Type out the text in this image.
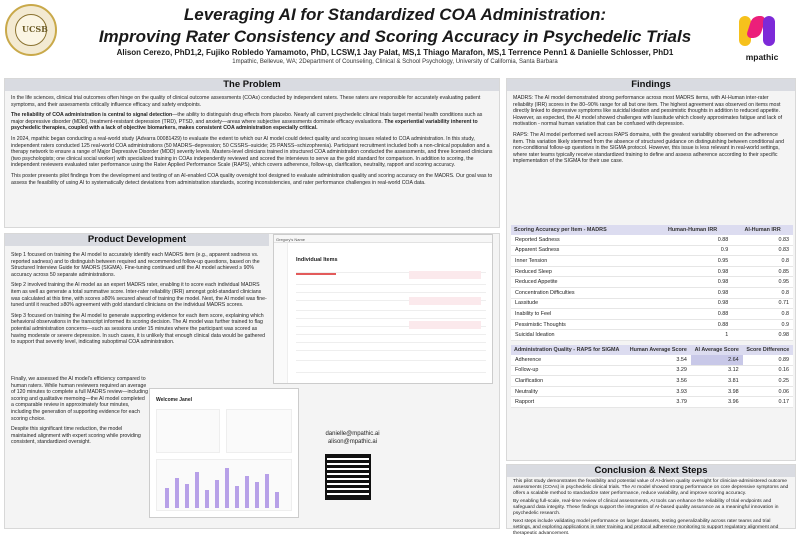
UCSB
Leveraging AI for Standardized COA Administration:
Improving Rater Consistency and Scoring Accuracy in Psychedelic Trials
Alison Cerezo, PhD1,2, Fujiko Robledo Yamamoto, PhD, LCSW,1 Jay Palat, MS,1 Thiago Marafon, MS,1 Terrence Penn1 & Danielle Schlosser, PhD1
1mpathic, Bellevue, WA; 2Department of Counseling, Clinical & School Psychology, University of California, Santa Barbara	mpathic
The Problem

In the life sciences, clinical trial outcomes often hinge on the quality of clinical outcome assessments (COAs) conducted by independent raters. These raters are responsible for accurately evaluating patient symptoms, and their assessments critically influence efficacy and safety endpoints.

The reliability of COA administration is central to signal detection—the ability to distinguish drug effects from placebo. Nearly all current psychedelic clinical trials target mental health conditions such as major depressive disorder (MDD), treatment-resistant depression (TRD), PTSD, and anxiety—areas where subjective assessments dominate efficacy evaluations. The experiential variability inherent to psychedelic therapies, coupled with a lack of objective biomarkers, makes consistent COA administration especially critical.

In 2024, mpathic began conducting a real-world study (Advarra 00081429) to evaluate the extent to which our AI model could detect quality and scoring issues related to COA administration. In this study, independent raters conducted 125 real-world COA administrations (50 MADRS–depression; 50 CSSRS–suicide; 25 PANSS–schizophrenia). Participant recruitment included both a non-clinical population and a therapy network to ensure a range of Major Depressive Disorder (MDD) severity levels. Masters-level clinicians trained in structured COA administration conducted the assessments, and three licensed clinicians (two psychologists; one clinical social worker) with specialized training in COAs independently reviewed and scored the interviews to serve as the gold standard for comparison. In addition to scoring, the independent reviewers evaluated rater performance using the Rater Applied Performance Scale (RAPS), which covers adherence, follow-up, clarification, neutrality, rapport and scoring accuracy.

This poster presents pilot findings from the development and testing of an AI-enabled COA quality oversight tool designed to evaluate administration quality and scoring accuracy on the MADRS. Our goal was to assess the feasibility of using AI to systematically detect deviations from administration standards, scoring inconsistencies, and rater performance challenges in real-world COA data.

Product Development

Step 1 focused on training the AI model to accurately identify each MADRS item (e.g., apparent sadness vs. reported sadness) and to distinguish between required and recommended follow-up questions, based on the Structured Interview Guide for MADRS (SIGMA). Fine-tuning continued until the AI model achieved ≥ 90% accuracy across 50 separate administrations.

Step 2 involved training the AI model as an expert MADRS rater, enabling it to score each individual MADRS item as well as generate a total summative score. Inter-rater reliability (IRR) amongst gold-standard clinicians was calculated at this time, with scores ≥80% secured ahead of training the model. Next, the AI model was fine-tuned until it reached ≥80% agreement with gold standard clinicians on the individual MADRS scores.

Step 3 focused on training the AI model to generate supporting evidence for each item score, explaining which behavioral observations in the transcript informed its scoring decision. The AI model was further trained to flag potential administration concerns—such as sessions under 15 minutes where the participant was scored as having moderate or severe depression. In such cases, it is unlikely that enough clinical data would be gathered to support that severity level, indicating suboptimal COA administration.

Finally, we assessed the AI model's efficiency compared to human raters. While human reviewers required an average of 120 minutes to complete a full MADRS review—including scoring and qualitative memoing—the AI model completed a comparable review in approximately four minutes, including the generation of supporting evidence for each scoring choice.

Despite this significant time reduction, the model maintained alignment with expert scoring while providing consistent, standardized oversight.

Gregory's Name
Individual Items
Welcome Janel
danielle@mpathic.ai
alison@mpathic.ai
Findings

MADRS: The AI model demonstrated strong performance across most MADRS items, with AI-Human inter-rater reliability (IRR) scores in the 80–90% range for all but one item. The highest agreement was observed on items most directly linked to depressive symptoms like suicidal ideation and pessimistic thoughts in addition to reduced appetite. However, as expected, the AI model showed challenges with lassitude which closely approximates fatigue and lack of motivation - normal human variation that can be confused with depression.

RAPS: The AI model performed well across RAPS domains, with the greatest variability observed on the adherence item. This variation likely stemmed from the absence of structured guidance on distinguishing between conditional and non-conditional follow-up questions in the SIGMA protocol. However, this issue is less relevant in real-world settings, where rater teams typically receive standardized training to define and assess adherence according to their specific implementation of the SIGMA for their use case.

Scoring Accuracy per Item - MADRS	Human-Human IRR	AI-Human IRR
Reported Sadness	0.88	0.83
Apparent Sadness	0.9	0.83
Inner Tension	0.95	0.8
Reduced Sleep	0.98	0.85
Reduced Appetite	0.98	0.95
Concentration Difficulties	0.98	0.8
Lassitude	0.98	0.71
Inability to Feel	0.88	0.8
Pessimistic Thoughts	0.88	0.9
Suicidal Ideation	1	0.98
Administration Quality - RAPS for SIGMA	Human Average Score	AI Average Score	Score Difference
Adherence	3.54	2.64	0.89
Follow-up	3.29	3.12	0.16
Clarification	3.56	3.81	0.25
Neutrality	3.93	3.98	0.06
Rapport	3.79	3.96	0.17
Conclusion & Next Steps

This pilot study demonstrates the feasibility and potential value of AI-driven quality oversight for clinician-administered outcome assessments (COAs) in psychedelic clinical trials. The AI model showed strong performance on core depressive symptoms and offers a scalable method to standardize rater performance, reduce variability, and improve scoring accuracy.

By enabling full-scale, real-time review of clinical assessments, AI tools can enhance the reliability of trial endpoints and safeguard data integrity. These findings support the integration of AI-based quality assurance as a meaningful innovation in psychedelic research.

Next steps include validating model performance on larger datasets, testing generalizability across rater teams and trial settings, and exploring applications in rater training and protocol adherence monitoring to support regulatory alignment and therapeutic advancement.
